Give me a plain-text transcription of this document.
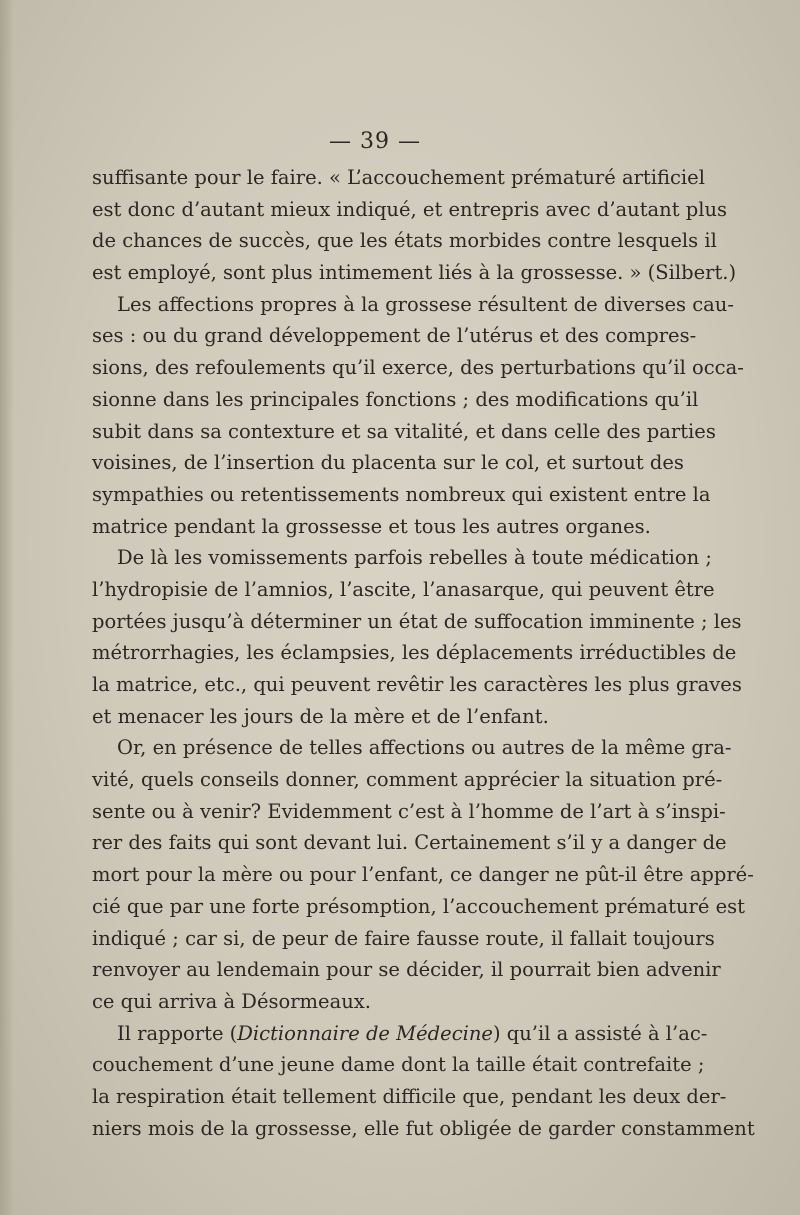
— 39 —
suffisante pour le faire. « L’accouchement prématuré artificiel
est donc d’autant mieux indiqué, et entrepris avec d’autant plus
de chances de succès, que les états morbides contre lesquels il
est employé, sont plus intimement liés à la grossesse. » (Silbert.)
Les affections propres à la grossese résultent de diverses cau-
ses : ou du grand développement de l’utérus et des compres-
sions, des refoulements qu’il exerce, des perturbations qu’il occa-
sionne dans les principales fonctions ; des modifications qu’il
subit dans sa contexture et sa vitalité, et dans celle des parties
voisines, de l’insertion du placenta sur le col, et surtout des
sympathies ou retentissements nombreux qui existent entre la
matrice pendant la grossesse et tous les autres organes.
De là les vomissements parfois rebelles à toute médication ;
l’hydropisie de l’amnios, l’ascite, l’anasarque, qui peuvent être
portées jusqu’à déterminer un état de suffocation imminente ; les
métrorrhagies, les éclampsies, les déplacements irréductibles de
la matrice, etc., qui peuvent revêtir les caractères les plus graves
et menacer les jours de la mère et de l’enfant.
Or, en présence de telles affections ou autres de la même gra-
vité, quels conseils donner, comment apprécier la situation pré-
sente ou à venir? Evidemment c’est à l’homme de l’art à s’inspi-
rer des faits qui sont devant lui. Certainement s’il y a danger de
mort pour la mère ou pour l’enfant, ce danger ne pût-il être appré-
cié que par une forte présomption, l’accouchement prématuré est
indiqué ; car si, de peur de faire fausse route, il fallait toujours
renvoyer au lendemain pour se décider, il pourrait bien advenir
ce qui arriva à Désormeaux.
Il rapporte (Dictionnaire de Médecine) qu’il a assisté à l’ac-
couchement d’une jeune dame dont la taille était contrefaite ;
la respiration était tellement difficile que, pendant les deux der-
niers mois de la grossesse, elle fut obligée de garder constamment
